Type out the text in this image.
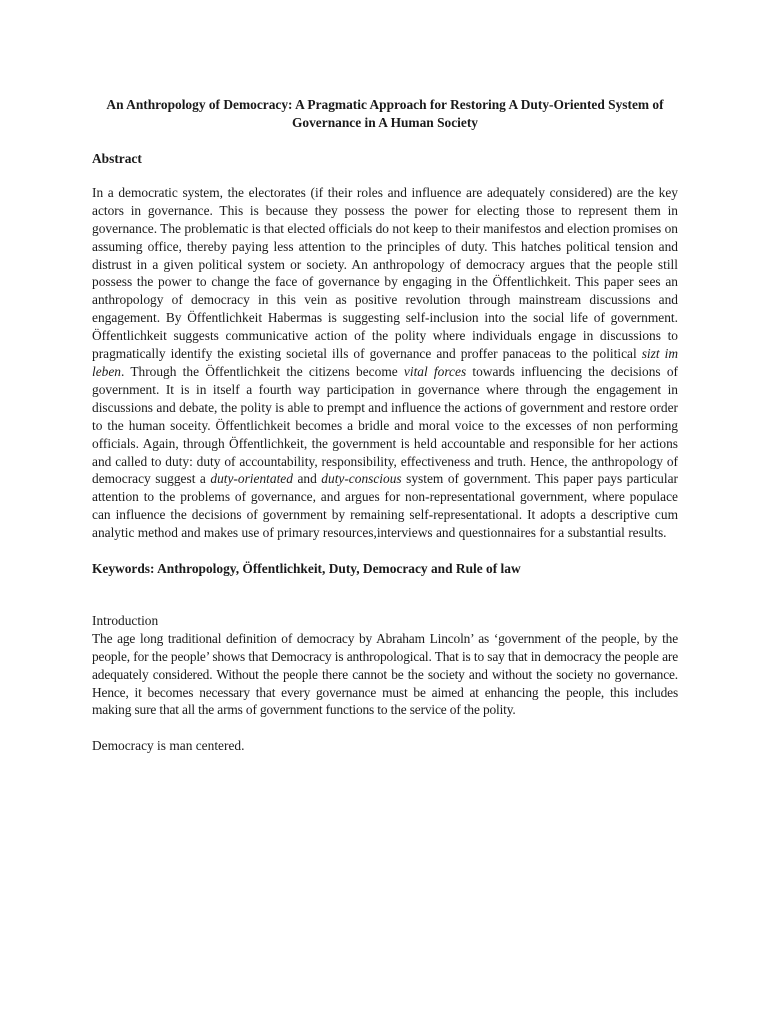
An Anthropology of Democracy: A Pragmatic Approach for Restoring A Duty-Oriented System of Governance in A Human Society

Abstract

In a democratic system, the electorates (if their roles and influence are adequately considered) are the key actors in governance. This is because they possess the power for electing those to represent them in governance. The problematic is that elected officials do not keep to their manifestos and election promises on assuming office, thereby paying less attention to the principles of duty. This hatches political tension and distrust in a given political system or society. An anthropology of democracy argues that the people still possess the power to change the face of governance by engaging in the Öffentlichkeit. This paper sees an anthropology of democracy in this vein as positive revolution through mainstream discussions and engagement. By Öffentlichkeit Habermas is suggesting self-inclusion into the social life of government. Öffentlichkeit suggests communicative action of the polity where individuals engage in discussions to pragmatically identify the existing societal ills of governance and proffer panaceas to the political sizt im leben. Through the Öffentlichkeit the citizens become vital forces towards influencing the decisions of government. It is in itself a fourth way participation in governance where through the engagement in discussions and debate, the polity is able to prempt and influence the actions of government and restore order to the human soceity. Öffentlichkeit becomes a bridle and moral voice to the excesses of non performing officials. Again, through Öffentlichkeit, the government is held accountable and responsible for her actions and called to duty: duty of accountability, responsibility, effectiveness and truth. Hence, the anthropology of democracy suggest a duty-orientated and duty-conscious system of government. This paper pays particular attention to the problems of governance, and argues for non-representational government, where populace can influence the decisions of government by remaining self-representational. It adopts a descriptive cum analytic method and makes use of primary resources,interviews and questionnaires for a substantial results.

Keywords: Anthropology, Öffentlichkeit, Duty, Democracy and Rule of law

Introduction

The age long traditional definition of democracy by Abraham Lincoln’ as ‘government of the people, by the people, for the people’ shows that Democracy is anthropological. That is to say that in democracy the people are adequately considered. Without the people there cannot be the society and without the society no governance. Hence, it becomes necessary that every governance must be aimed at enhancing the people, this includes making sure that all the arms of government functions to the service of the polity.

Democracy is man centered.
